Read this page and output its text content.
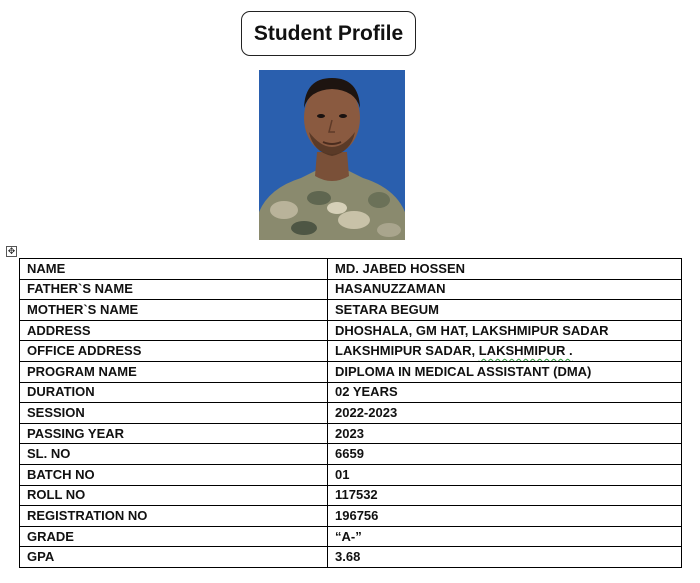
Student Profile
✥
NAME	MD. JABED HOSSEN
FATHER`S NAME	HASANUZZAMAN
MOTHER`S NAME	SETARA BEGUM
ADDRESS	DHOSHALA, GM HAT, LAKSHMIPUR SADAR
OFFICE ADDRESS	LAKSHMIPUR SADAR, LAKSHMIPUR .
PROGRAM NAME	DIPLOMA IN MEDICAL ASSISTANT (DMA)
DURATION	02 YEARS
SESSION	2022-2023
PASSING YEAR	2023
SL. NO	6659
BATCH NO	01
ROLL NO	117532
REGISTRATION NO	196756
GRADE	“A-”
GPA	3.68
